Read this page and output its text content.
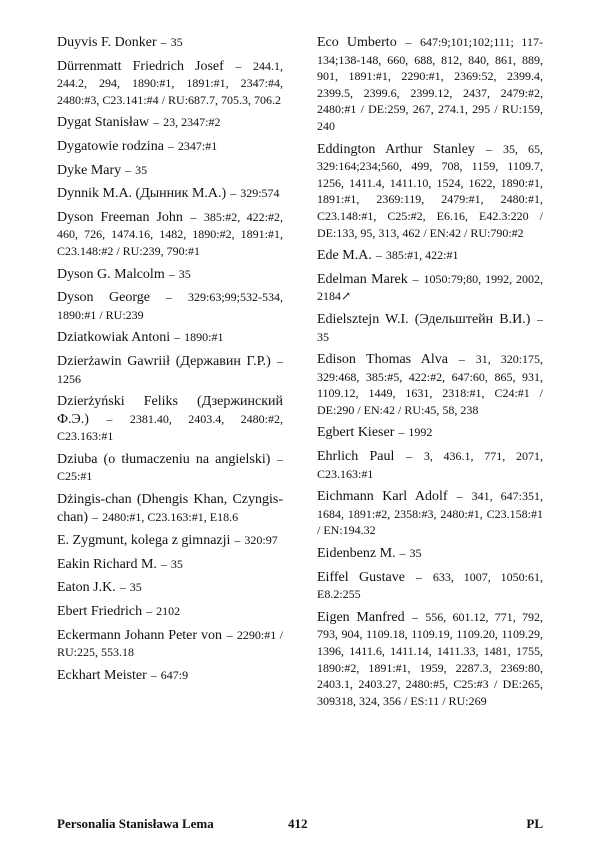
Duyvis F. Donker – 35

Dürrenmatt Friedrich Josef – 244.1, 244.2, 294, 1890:#1, 1891:#1, 2347:#4, 2480:#3, C23.141:#4 / RU:687.7, 705.3, 706.2

Dygat Stanisław – 23, 2347:#2

Dygatowie rodzina – 2347:#1

Dyke Mary – 35

Dynnik M.A. (Дынник М.А.) – 329:574

Dyson Freeman John – 385:#2, 422:#2, 460, 726, 1474.16, 1482, 1890:#2, 1891:#1, C23.148:#2 / RU:239, 790:#1

Dyson G. Malcolm – 35

Dyson George – 329:63;99;532-534, 1890:#1 / RU:239

Dziatkowiak Antoni – 1890:#1

Dzierżawin Gawriił (Державин Г.Р.) – 1256

Dzierżyński Feliks (Дзержинский Ф.Э.) – 2381.40, 2403.4, 2480:#2, C23.163:#1

Dziuba (o tłumaczeniu na angielski) – C25:#1

Dżingis-chan (Dhengis Khan, Czyngis-chan) – 2480:#1, C23.163:#1, E18.6

E. Zygmunt, kolega z gimnazji – 320:97

Eakin Richard M. – 35

Eaton J.K. – 35

Ebert Friedrich – 2102

Eckermann Johann Peter von – 2290:#1 / RU:225, 553.18

Eckhart Meister – 647:9

Eco Umberto – 647:9;101;102;111; 117-134;138-148, 660, 688, 812, 840, 861, 889, 901, 1891:#1, 2290:#1, 2369:52, 2399.4, 2399.5, 2399.6, 2399.12, 2437, 2479:#2, 2480:#1 / DE:259, 267, 274.1, 295 / RU:159, 240

Eddington Arthur Stanley – 35, 65, 329:164;234;560, 499, 708, 1159, 1109.7, 1256, 1411.4, 1411.10, 1524, 1622, 1890:#1, 1891:#1, 2369:119, 2479:#1, 2480:#1, C23.148:#1, C25:#2, E6.16, E42.3:220 / DE:133, 95, 313, 462 / EN:42 / RU:790:#2

Ede M.A. – 385:#1, 422:#1

Edelman Marek – 1050:79;80, 1992, 2002, 2184↗

Edielsztejn W.I. (Эдельштейн В.И.) – 35

Edison Thomas Alva – 31, 320:175, 329:468, 385:#5, 422:#2, 647:60, 865, 931, 1109.12, 1449, 1631, 2318:#1, C24:#1 / DE:290 / EN:42 / RU:45, 58, 238

Egbert Kieser – 1992

Ehrlich Paul – 3, 436.1, 771, 2071, C23.163:#1

Eichmann Karl Adolf – 341, 647:351, 1684, 1891:#2, 2358:#3, 2480:#1, C23.158:#1 / EN:194.32

Eidenbenz M. – 35

Eiffel Gustave – 633, 1007, 1050:61, E8.2:255

Eigen Manfred – 556, 601.12, 771, 792, 793, 904, 1109.18, 1109.19, 1109.20, 1109.29, 1396, 1411.6, 1411.14, 1411.33, 1481, 1755, 1890:#2, 1891:#1, 1959, 2287.3, 2369:80, 2403.1, 2403.27, 2480:#5, C25:#3 / DE:265, 309318, 324, 356 / ES:11 / RU:269

Personalia Stanisława Lema	412	PL
